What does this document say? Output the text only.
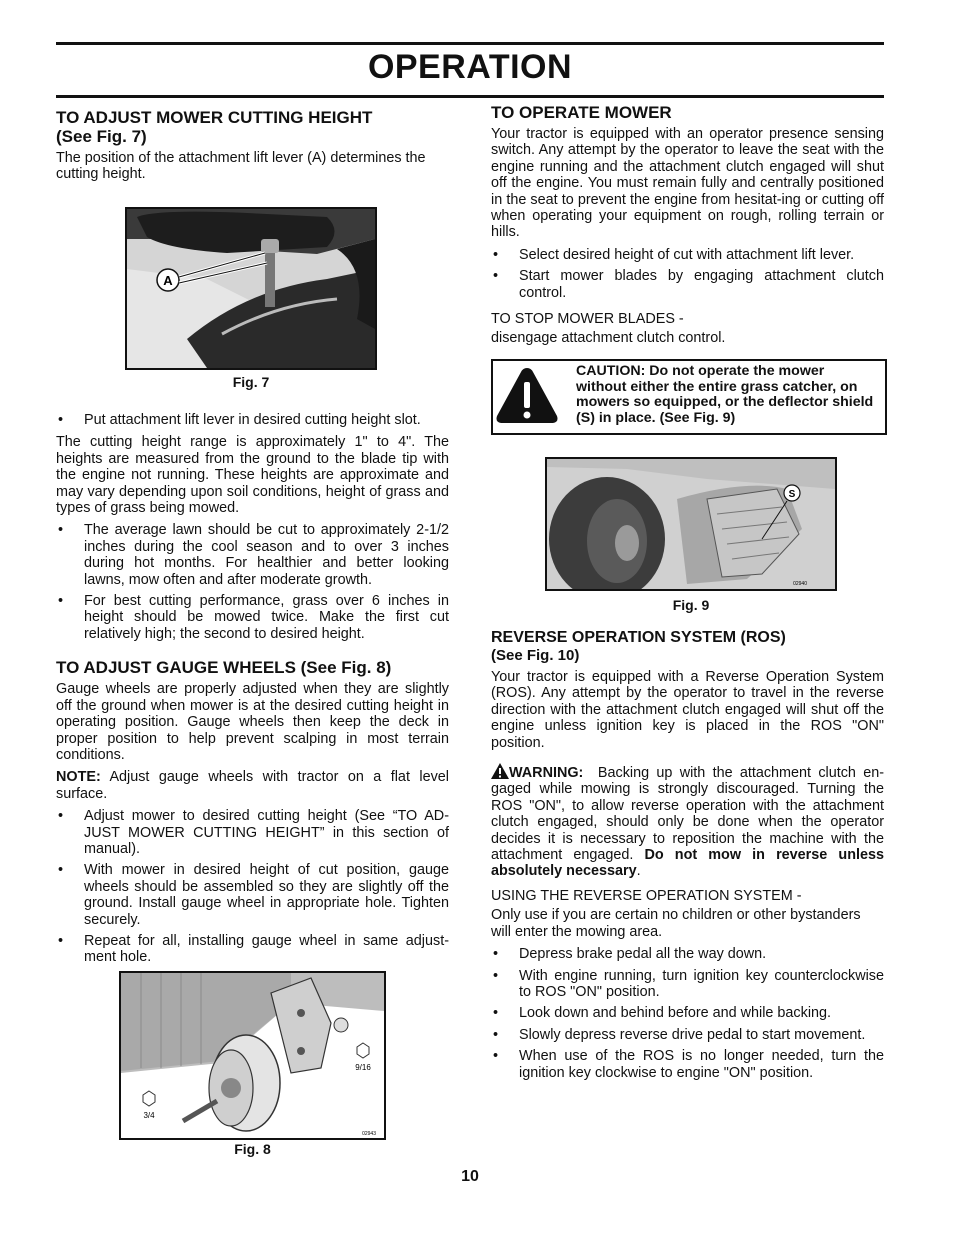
OPERATION
TO ADJUST MOWER CUTTING HEIGHT
(See Fig. 7)

The position of the attachment lift lever (A) determines the cutting height.

A
Fig. 7
• Put attachment lift lever in desired cutting height slot.

The cutting height range is approximately 1" to 4". The heights are measured from the ground to the blade tip with the engine not running. These heights are approximate and may vary depending upon soil conditions, height of grass and types of grass being mowed.

• The average lawn should be cut to approximately 2-1/2 inches during the cool season and to over 3 inches during hot months. For healthier and better looking lawns, mow often and after moderate growth.
• For best cutting performance, grass over 6 inches in height should be mowed twice. Make the first cut relatively high; the second to desired height.
TO ADJUST GAUGE WHEELS (See Fig. 8)

Gauge wheels are properly adjusted when they are slightly off the ground when mower is at the desired cutting height in operating position. Gauge wheels then keep the deck in proper position to help prevent scalping in most terrain conditions.

NOTE: Adjust gauge wheels with tractor on a flat level surface.

• Adjust mower to desired cutting height (See “TO AD-JUST MOWER CUTTING HEIGHT” in this section of manual).
• With mower in desired height of cut position, gauge wheels should be assembled so they are slightly off the ground. Install gauge wheel in appropriate hole. Tighten securely.
• Repeat for all, installing gauge wheel in same adjust-ment hole.
9/16
3/4
02943
Fig. 8
TO OPERATE MOWER

Your tractor is equipped with an operator presence sensing switch. Any attempt by the operator to leave the seat with the engine running and the attachment clutch engaged will shut off the engine. You must remain fully and centrally positioned in the seat to prevent the engine from hesitat-ing or cutting off when operating your equipment on rough, rolling terrain or hills.

• Select desired height of cut with attachment lift lever.
• Start mower blades by engaging attachment clutch control.

TO STOP MOWER BLADES -

disengage attachment clutch control.

CAUTION: Do not operate the mower without either the entire grass catcher, on mowers so equipped, or the deflector shield (S) in place. (See Fig. 9)
S
02940
Fig. 9
REVERSE OPERATION SYSTEM (ROS)
(See Fig. 10)

Your tractor is equipped with a Reverse Operation System (ROS). Any attempt by the operator to travel in the reverse direction with the attachment clutch engaged will shut off the engine unless ignition key is placed in the ROS "ON" position.

WARNING: Backing up with the attachment clutch en-gaged while mowing is strongly discouraged. Turning the ROS "ON", to allow reverse operation with the attachment clutch engaged, should only be done when the operator decides it is necessary to reposition the machine with the attachment engaged. Do not mow in reverse unless absolutely necessary.

USING THE REVERSE OPERATION SYSTEM -

Only use if you are certain no children or other bystanders will enter the mowing area.

• Depress brake pedal all the way down.
• With engine running, turn ignition key counterclockwise to ROS "ON" position.
• Look down and behind before and while backing.
• Slowly depress reverse drive pedal to start movement.
• When use of the ROS is no longer needed, turn the ignition key clockwise to engine "ON" position.
10
